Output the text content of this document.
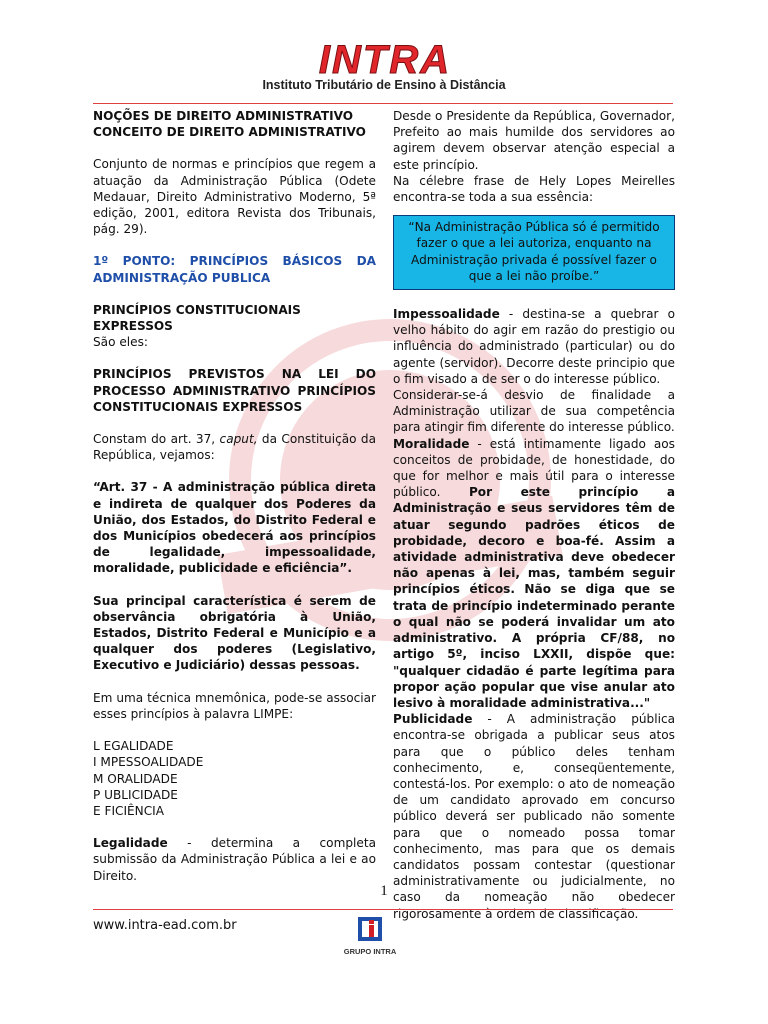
INTRA
Instituto Tributário de Ensino à Distância

NOÇÕES DE DIREITO ADMINISTRATIVO

CONCEITO DE DIREITO ADMINISTRATIVO

Conjunto de normas e princípios que regem a atuação da Administração Pública (Odete Medauar, Direito Administrativo Moderno, 5ª edição, 2001, editora Revista dos Tribunais, pág. 29).

1º PONTO: PRINCÍPIOS BÁSICOS DA ADMINISTRAÇÃO PUBLICA

PRINCÍPIOS CONSTITUCIONAIS EXPRESSOS

São eles:

PRINCÍPIOS PREVISTOS NA LEI DO PROCESSO ADMINISTRATIVO PRINCÍPIOS CONSTITUCIONAIS EXPRESSOS

Constam do art. 37, caput, da Constituição da República, vejamos:

“Art. 37 - A administração pública direta e indireta de qualquer dos Poderes da União, dos Estados, do Distrito Federal e dos Municípios obedecerá aos princípios de legalidade, impessoalidade, moralidade, publicidade e eficiência”.

Sua principal característica é serem de observância obrigatória à União, Estados, Distrito Federal e Município e a qualquer dos poderes (Legislativo, Executivo e Judiciário) dessas pessoas.

Em uma técnica mnemônica, pode-se associar esses princípios à palavra LIMPE:

L EGALIDADE

I MPESSOALIDADE

M ORALIDADE

P UBLICIDADE

E FICIÊNCIA

Legalidade - determina a completa submissão da Administração Pública a lei e ao Direito.

Desde o Presidente da República, Governador, Prefeito ao mais humilde dos servidores ao agirem devem observar atenção especial a este princípio.

Na célebre frase de Hely Lopes Meirelles encontra-se toda a sua essência:

“Na Administração Pública só é permitido fazer o que a lei autoriza, enquanto na Administração privada é possível fazer o que a lei não proíbe.”

Impessoalidade - destina-se a quebrar o velho hábito do agir em razão do prestigio ou influência do administrado (particular) ou do agente (servidor). Decorre deste principio que o fim visado a de ser o do interesse público.

Considerar-se-á desvio de finalidade a Administração utilizar de sua competência para atingir fim diferente do interesse público.

Moralidade - está intimamente ligado aos conceitos de probidade, de honestidade, do que for melhor e mais útil para o interesse público. Por este princípio a Administração e seus servidores têm de atuar segundo padrões éticos de probidade, decoro e boa-fé. Assim a atividade administrativa deve obedecer não apenas à lei, mas, também seguir princípios éticos. Não se diga que se trata de princípio indeterminado perante o qual não se poderá invalidar um ato administrativo. A própria CF/88, no artigo 5º, inciso LXXII, dispõe que: "qualquer cidadão é parte legítima para propor ação popular que vise anular ato lesivo à moralidade administrativa..."

Publicidade - A administração pública encontra-se obrigada a publicar seus atos para que o público deles tenham conhecimento, e, conseqüentemente, contestá-los. Por exemplo: o ato de nomeação de um candidato aprovado em concurso público deverá ser publicado não somente para que o nomeado possa tomar conhecimento, mas para que os demais candidatos possam contestar (questionar administrativamente ou judicialmente, no caso da nomeação não obedecer rigorosamente à ordem de classificação.

1
www.intra-ead.com.br
GRUPO INTRA
